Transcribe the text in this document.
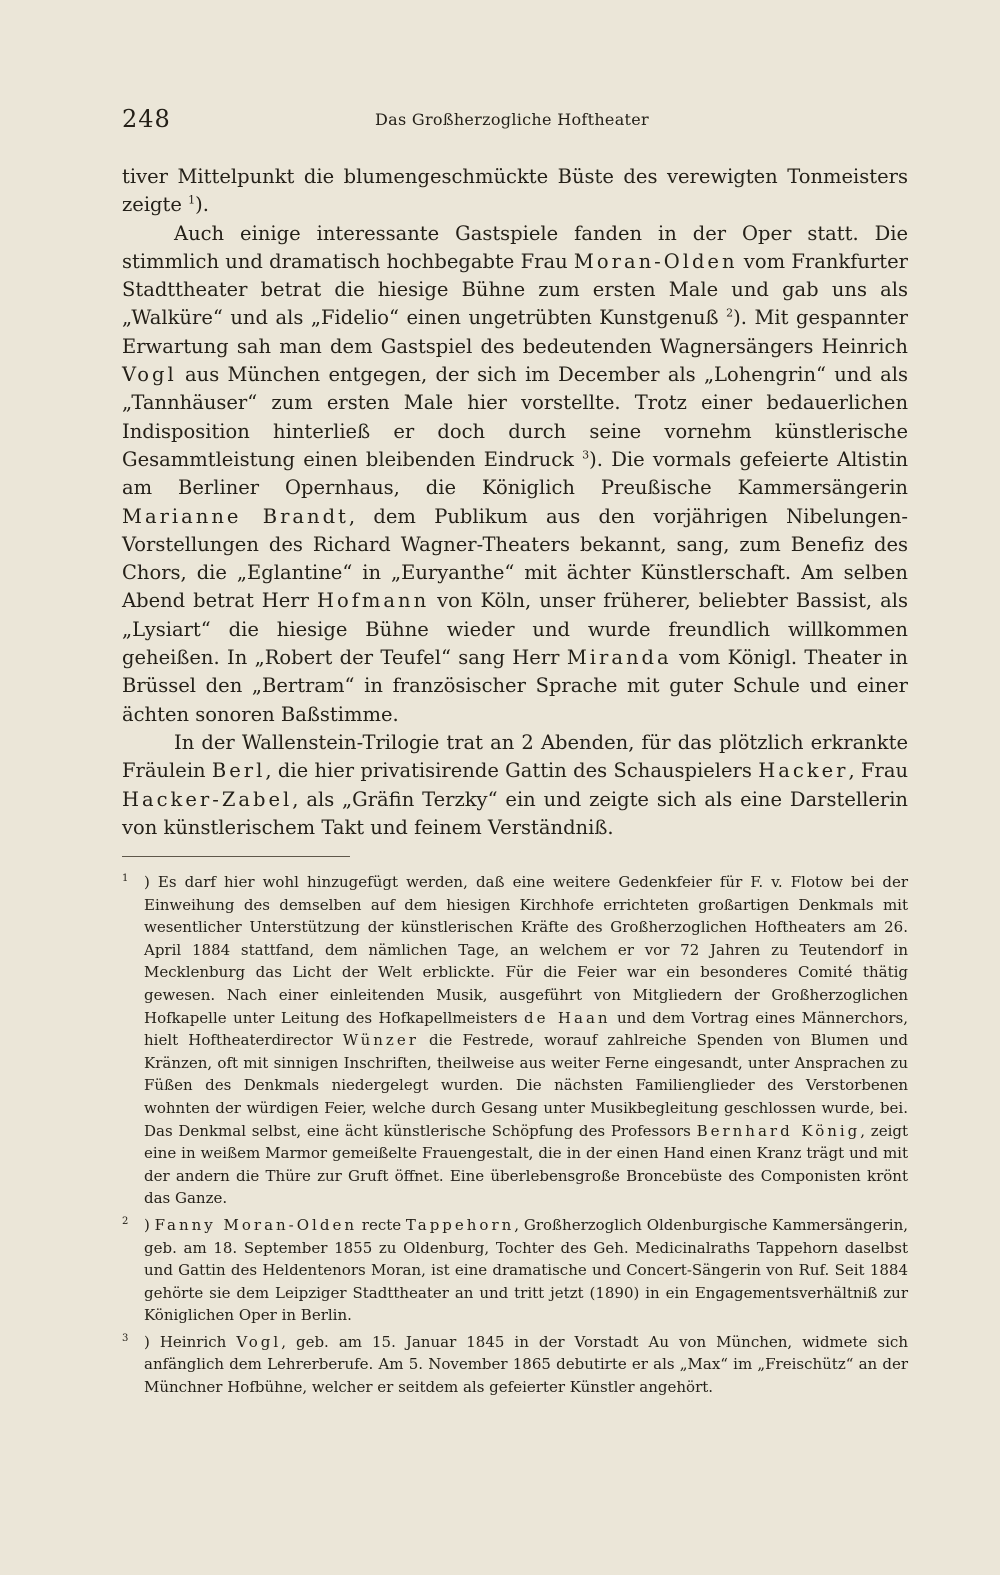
248	Das Großherzogliche Hoftheater

tiver Mittelpunkt die blumengeschmückte Büste des verewigten Tonmeisters zeigte $^1$).

Auch einige interessante Gastspiele fanden in der Oper statt. Die stimmlich und dramatisch hochbegabte Frau Moran-Olden vom Frankfurter Stadttheater betrat die hiesige Bühne zum ersten Male und gab uns als „Walküre“ und als „Fidelio“ einen ungetrübten Kunstgenuß $^2$). Mit gespannter Erwartung sah man dem Gastspiel des bedeutenden Wagnersängers Heinrich Vogl aus München entgegen, der sich im December als „Lohengrin“ und als „Tannhäuser“ zum ersten Male hier vorstellte. Trotz einer bedauerlichen Indisposition hinterließ er doch durch seine vornehm künstlerische Gesammtleistung einen bleibenden Eindruck $^3$). Die vormals gefeierte Altistin am Berliner Opernhaus, die Königlich Preußische Kammersängerin Marianne Brandt, dem Publikum aus den vorjährigen Nibelungen-Vorstellungen des Richard Wagner-Theaters bekannt, sang, zum Benefiz des Chors, die „Eglantine“ in „Euryanthe“ mit ächter Künstlerschaft. Am selben Abend betrat Herr Hofmann von Köln, unser früherer, beliebter Bassist, als „Lysiart“ die hiesige Bühne wieder und wurde freundlich willkommen geheißen. In „Robert der Teufel“ sang Herr Miranda vom Königl. Theater in Brüssel den „Bertram“ in französischer Sprache mit guter Schule und einer ächten sonoren Baßstimme.

In der Wallenstein-Trilogie trat an 2 Abenden, für das plötzlich erkrankte Fräulein Berl, die hier privatisirende Gattin des Schauspielers Hacker, Frau Hacker-Zabel, als „Gräfin Terzky“ ein und zeigte sich als eine Darstellerin von künstlerischem Takt und feinem Verständniß.

$^1$	) Es darf hier wohl hinzugefügt werden, daß eine weitere Gedenkfeier für F. v. Flotow bei der Einweihung des demselben auf dem hiesigen Kirchhofe errichteten großartigen Denkmals mit wesentlicher Unterstützung der künstlerischen Kräfte des Großherzoglichen Hoftheaters am 26. April 1884 stattfand, dem nämlichen Tage, an welchem er vor 72 Jahren zu Teutendorf in Mecklenburg das Licht der Welt erblickte. Für die Feier war ein besonderes Comité thätig gewesen. Nach einer einleitenden Musik, ausgeführt von Mitgliedern der Großherzoglichen Hofkapelle unter Leitung des Hofkapellmeisters de Haan und dem Vortrag eines Männerchors, hielt Hoftheaterdirector Wünzer die Festrede, worauf zahlreiche Spenden von Blumen und Kränzen, oft mit sinnigen Inschriften, theilweise aus weiter Ferne eingesandt, unter Ansprachen zu Füßen des Denkmals niedergelegt wurden. Die nächsten Familienglieder des Verstorbenen wohnten der würdigen Feier, welche durch Gesang unter Musikbegleitung geschlossen wurde, bei. Das Denkmal selbst, eine ächt künstlerische Schöpfung des Professors Bernhard König, zeigt eine in weißem Marmor gemeißelte Frauengestalt, die in der einen Hand einen Kranz trägt und mit der andern die Thüre zur Gruft öffnet. Eine überlebensgroße Broncebüste des Componisten krönt das Ganze.
$^2$	) Fanny Moran-Olden recte Tappehorn, Großherzoglich Oldenburgische Kammersängerin, geb. am 18. September 1855 zu Oldenburg, Tochter des Geh. Medicinalraths Tappehorn daselbst und Gattin des Heldentenors Moran, ist eine dramatische und Concert-Sängerin von Ruf. Seit 1884 gehörte sie dem Leipziger Stadttheater an und tritt jetzt (1890) in ein Engagementsverhältniß zur Königlichen Oper in Berlin.
$^3$	) Heinrich Vogl, geb. am 15. Januar 1845 in der Vorstadt Au von München, widmete sich anfänglich dem Lehrerberufe. Am 5. November 1865 debutirte er als „Max“ im „Freischütz“ an der Münchner Hofbühne, welcher er seitdem als gefeierter Künstler angehört.
